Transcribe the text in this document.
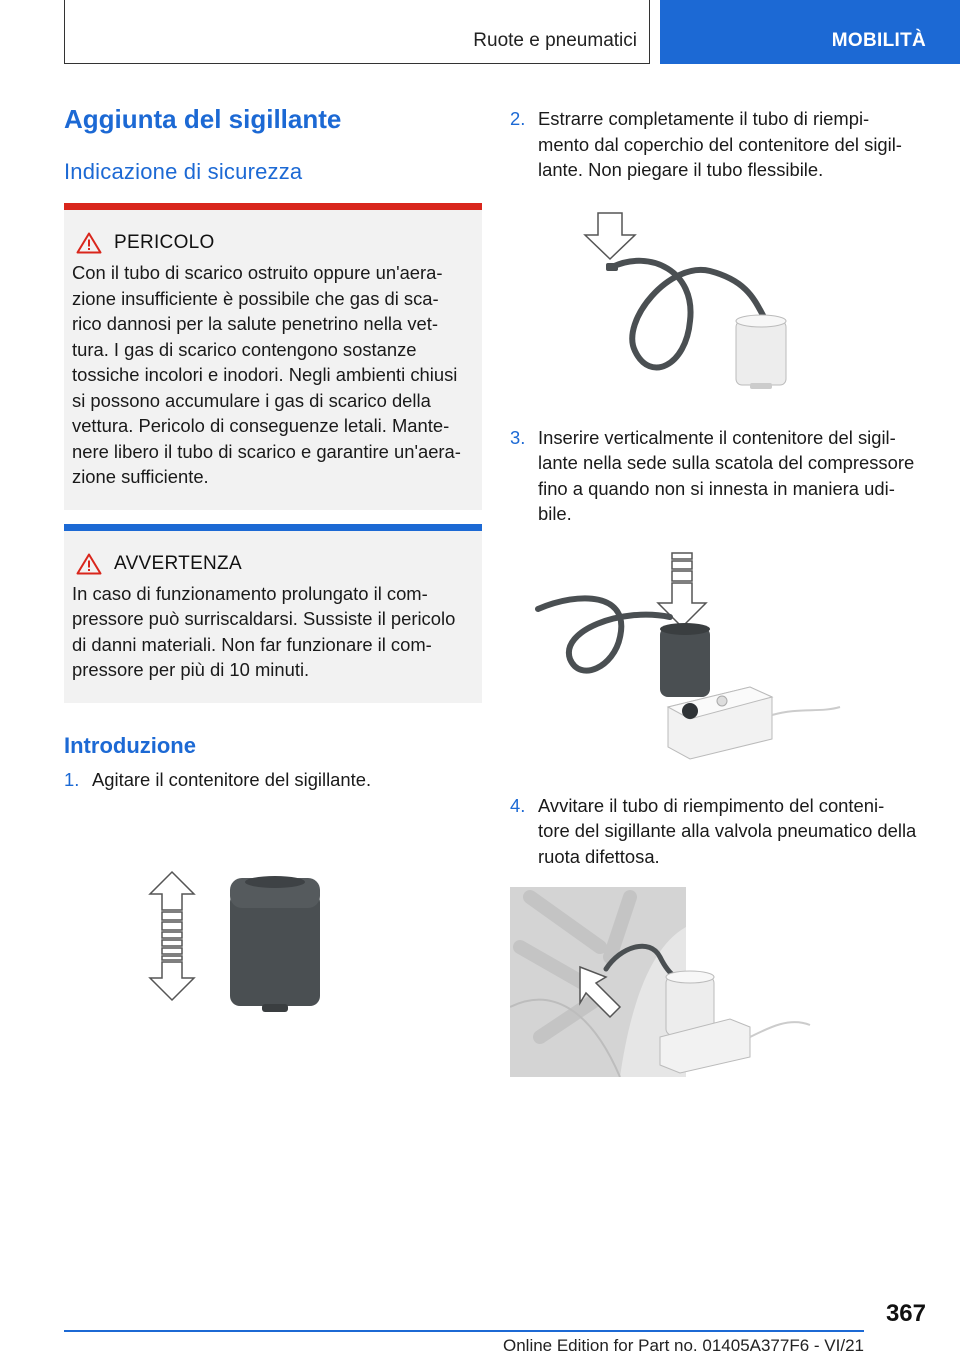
Ruote e pneumatici	MOBILITÀ
Aggiunta del sigillante
Indicazione di sicurezza
PERICOLO
Con il tubo di scarico ostruito oppure un'aera-
zione insufficiente è possibile che gas di sca-
rico dannosi per la salute penetrino nella vet-
tura. I gas di scarico contengono sostanze
tossiche incolori e inodori. Negli ambienti chiusi
si possono accumulare i gas di scarico della
vettura. Pericolo di conseguenze letali. Mante-
nere libero il tubo di scarico e garantire un'aera-
zione sufficiente.
AVVERTENZA
In caso di funzionamento prolungato il com-
pressore può surriscaldarsi. Sussiste il pericolo
di danni materiali. Non far funzionare il com-
pressore per più di 10 minuti.
Introduzione
1. Agitare il contenitore del sigillante.
2. Estrarre completamente il tubo di riempi-
mento dal coperchio del contenitore del sigil-
lante. Non piegare il tubo flessibile.
3. Inserire verticalmente il contenitore del sigil-
lante nella sede sulla scatola del compressore
fino a quando non si innesta in maniera udi-
bile.
4. Avvitare il tubo di riempimento del conteni-
tore del sigillante alla valvola pneumatico della
ruota difettosa.
367
Online Edition for Part no. 01405A377F6 - VI/21
